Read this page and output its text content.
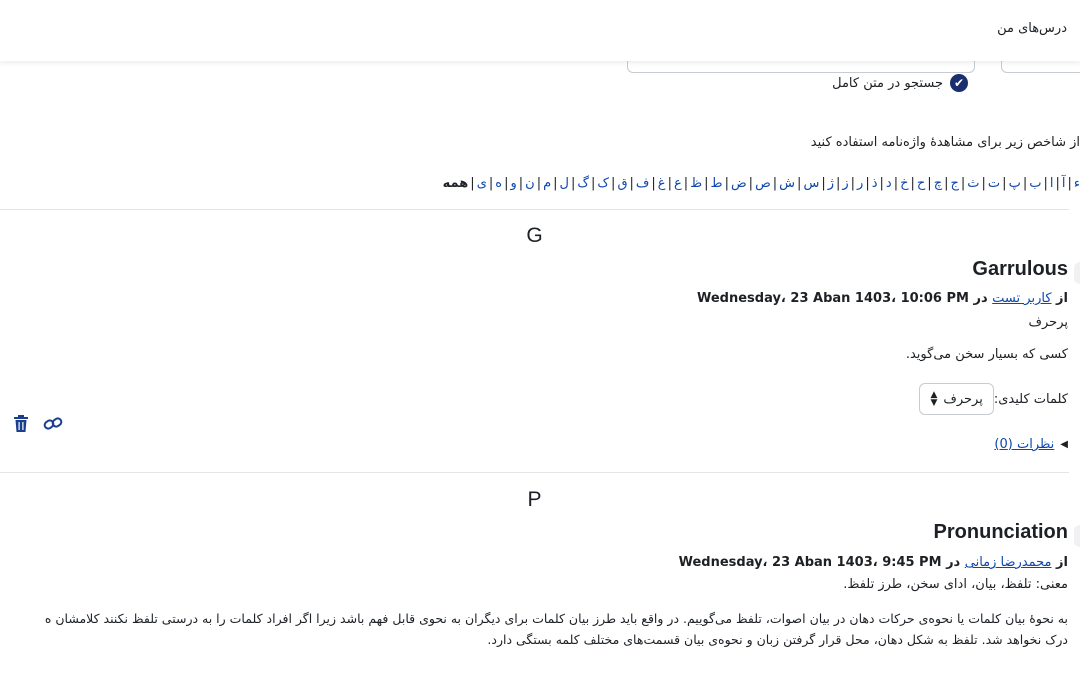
درس‌های من
✔
جستجو در متن کامل
از شاخص زیر برای مشاهدهٔ واژه‌نامه استفاده کنید
ء|آ|ا|ب|پ|ت|ث|ج|چ|ح|خ|د|ذ|ر|ز|ژ|س|ش|ص|ض|ط|ظ|ع|غ|ف|ق|ک|گ|ل|م|ن|و|ه|ی|همه
G
Garrulous
از کاربر تست در Wednesday، 23 Aban 1403، 10:06 PM
پرحرف
کسی که بسیار سخن می‌گوید.
کلمات کلیدی:
پرحرف
▲
▼
◀
نظرات (0)
P
Pronunciation
از محمدرضا زمانی در Wednesday، 23 Aban 1403، 9:45 PM
معنی: تلفظ، بیان، ادای سخن، طرز تلفظ.
به نحوهٔ بیان کلمات یا نحوه‌ی حرکات دهان در بیان اصوات، تلفظ می‌گوییم. در واقع باید طرز بیان کلمات برای دیگران به نحوی قابل فهم باشد زیرا اگر افراد کلمات را به درستی تلفظ نکنند کلامشان ه
درک نخواهد شد. تلفظ به شکل دهان، محل قرار گرفتن زبان و نحوه‌ی بیان قسمت‌های مختلف کلمه بستگی دارد.
